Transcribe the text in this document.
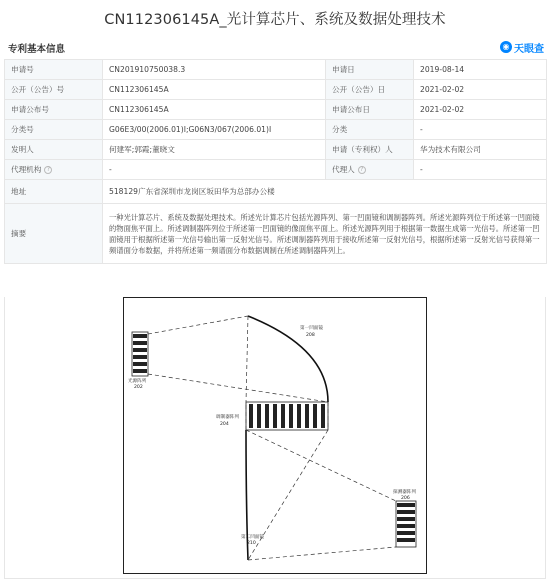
CN112306145A_光计算芯片、系统及数据处理技术
专利基本信息	◉ 天眼查
申请号	CN201910750038.3	申请日	2019-08-14
公开（公告）号	CN112306145A	公开（公告）日	2021-02-02
申请公布号	CN112306145A	申请公布日	2021-02-02
分类号	G06E3/00(2006.01)I;G06N3/067(2006.01)I	分类	-
发明人	何建军;郭霞;董晓文	申请（专利权）人	华为技术有限公司
代理机构 ?	-	代理人 ?	-
地址	518129广东省深圳市龙岗区坂田华为总部办公楼		
摘要	一种光计算芯片、系统及数据处理技术。所述光计算芯片包括光源阵列、第一凹面镜和调制器阵列。所述光源阵列位于所述第一凹面镜的物面焦平面上。所述调制器阵列位于所述第一凹面镜的像面焦平面上。所述光源阵列用于根据第一数据生成第一光信号。所述第一凹面镜用于根据所述第一光信号输出第一反射光信号。所述调制器阵列用于接收所述第一反射光信号，根据所述第一反射光信号获得第一频谱面分布数据，并将所述第一频谱面分布数据调制在所述调制器阵列上。		
第一凹面镜
208
光源阵列
202
调制器阵列
204
探测器阵列
206
第二凹面镜
210
